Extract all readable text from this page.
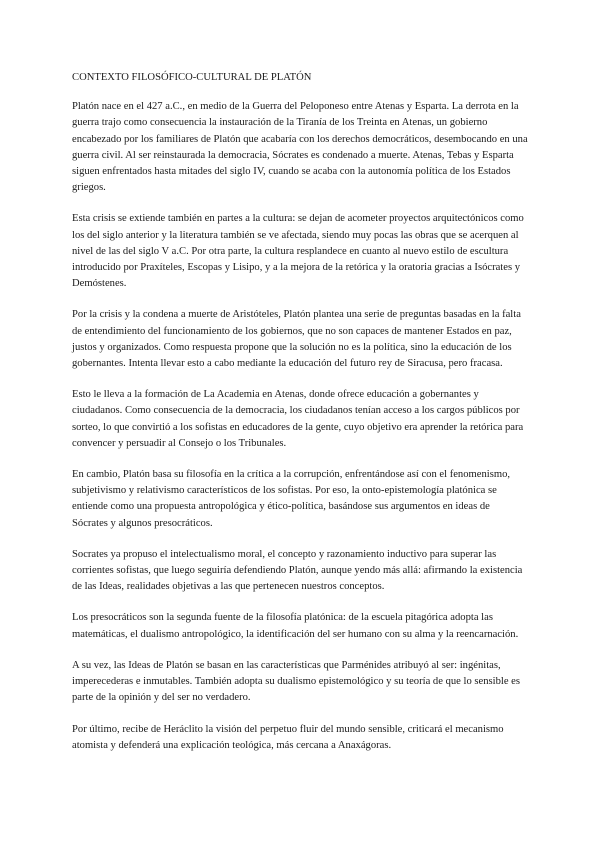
CONTEXTO FILOSÓFICO-CULTURAL DE PLATÓN

Platón nace en el 427 a.C., en medio de la Guerra del Peloponeso entre Atenas y Esparta. La derrota en la guerra trajo como consecuencia la instauración de la Tiranía de los Treinta en Atenas, un gobierno encabezado por los familiares de Platón que acabaría con los derechos democráticos, desembocando en una guerra civil. Al ser reinstaurada la democracia, Sócrates es condenado a muerte. Atenas, Tebas y Esparta siguen enfrentados hasta mitades del siglo IV, cuando se acaba con la autonomía política de los Estados griegos.

Esta crisis se extiende también en partes a la cultura: se dejan de acometer proyectos arquitectónicos como los del siglo anterior y la literatura también se ve afectada, siendo muy pocas las obras que se acerquen al nivel de las del siglo V a.C. Por otra parte, la cultura resplandece en cuanto al nuevo estilo de escultura introducido por Praxíteles, Escopas y Lisipo, y a la mejora de la retórica y la oratoria gracias a Isócrates y Demóstenes.

Por la crisis y la condena a muerte de Aristóteles, Platón plantea una serie de preguntas basadas en la falta de entendimiento del funcionamiento de los gobiernos, que no son capaces de mantener Estados en paz, justos y organizados. Como respuesta propone que la solución no es la política, sino la educación de los gobernantes. Intenta llevar esto a cabo mediante la educación del futuro rey de Siracusa, pero fracasa.

Esto le lleva a la formación de La Academia en Atenas, donde ofrece educación a gobernantes y ciudadanos. Como consecuencia de la democracia, los ciudadanos tenían acceso a los cargos públicos por sorteo, lo que convirtió a los sofistas en educadores de la gente, cuyo objetivo era aprender la retórica para convencer y persuadir al Consejo o los Tribunales.

En cambio, Platón basa su filosofía en la crítica a la corrupción, enfrentándose así con el fenomenismo, subjetivismo y relativismo característicos de los sofistas. Por eso, la onto-epistemología platónica se entiende como una propuesta antropológica y ético-política, basándose sus argumentos en ideas de Sócrates y algunos presocráticos.

Socrates ya propuso el intelectualismo moral, el concepto y razonamiento inductivo para superar las corrientes sofistas, que luego seguiría defendiendo Platón, aunque yendo más allá: afirmando la existencia de las Ideas, realidades objetivas a las que pertenecen nuestros conceptos.

Los presocráticos son la segunda fuente de la filosofía platónica: de la escuela pitagórica adopta las matemáticas, el dualismo antropológico, la identificación del ser humano con su alma y la reencarnación.

A su vez, las Ideas de Platón se basan en las características que Parménides atribuyó al ser: ingénitas, imperecederas e inmutables. También adopta su dualismo epistemológico y su teoría de que lo sensible es parte de la opinión y del ser no verdadero.

Por último, recibe de Heráclito la visión del perpetuo fluir del mundo sensible, criticará el mecanismo atomista y defenderá una explicación teológica, más cercana a Anaxágoras.
